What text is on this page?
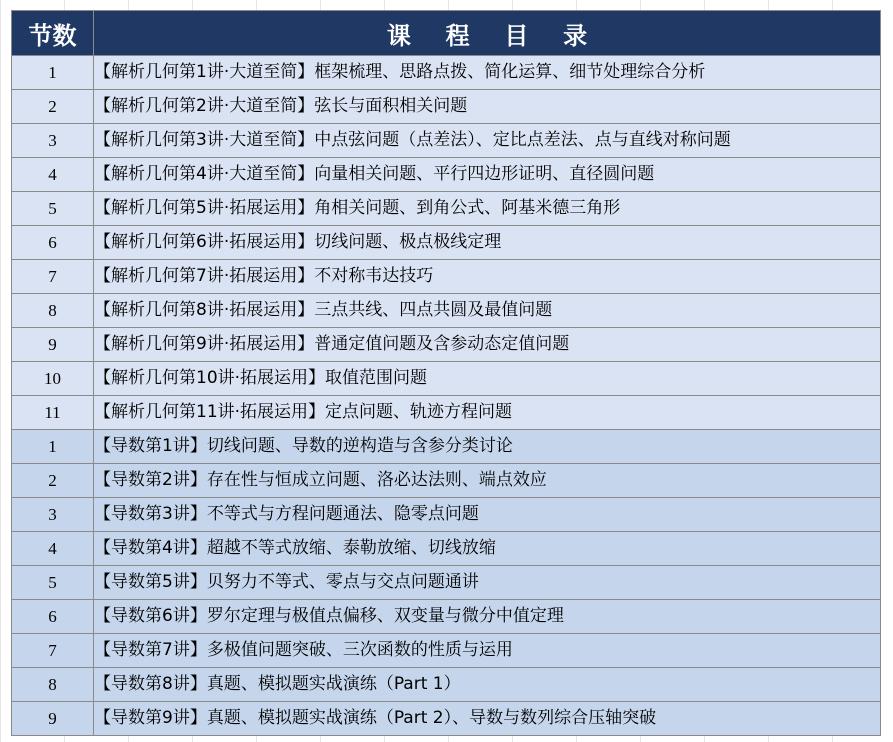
节数	课 程 目 录
1	【解析几何第1讲·大道至简】框架梳理、思路点拨、简化运算、细节处理综合分析
2	【解析几何第2讲·大道至简】弦长与面积相关问题
3	【解析几何第3讲·大道至简】中点弦问题（点差法）、定比点差法、点与直线对称问题
4	【解析几何第4讲·大道至简】向量相关问题、平行四边形证明、直径圆问题
5	【解析几何第5讲·拓展运用】角相关问题、到角公式、阿基米德三角形
6	【解析几何第6讲·拓展运用】切线问题、极点极线定理
7	【解析几何第7讲·拓展运用】不对称韦达技巧
8	【解析几何第8讲·拓展运用】三点共线、四点共圆及最值问题
9	【解析几何第9讲·拓展运用】普通定值问题及含参动态定值问题
10	【解析几何第10讲·拓展运用】取值范围问题
11	【解析几何第11讲·拓展运用】定点问题、轨迹方程问题
1	【导数第1讲】切线问题、导数的逆构造与含参分类讨论
2	【导数第2讲】存在性与恒成立问题、洛必达法则、端点效应
3	【导数第3讲】不等式与方程问题通法、隐零点问题
4	【导数第4讲】超越不等式放缩、泰勒放缩、切线放缩
5	【导数第5讲】贝努力不等式、零点与交点问题通讲
6	【导数第6讲】罗尔定理与极值点偏移、双变量与微分中值定理
7	【导数第7讲】多极值问题突破、三次函数的性质与运用
8	【导数第8讲】真题、模拟题实战演练（Part 1）
9	【导数第9讲】真题、模拟题实战演练（Part 2）、导数与数列综合压轴突破
